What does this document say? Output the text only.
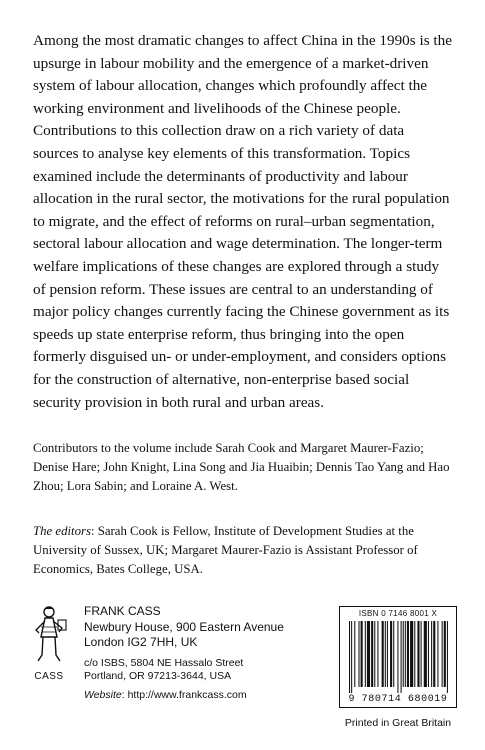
Among the most dramatic changes to affect China in the 1990s is the upsurge in labour mobility and the emergence of a market-driven system of labour allocation, changes which profoundly affect the working environment and livelihoods of the Chinese people. Contributions to this collection draw on a rich variety of data sources to analyse key elements of this transformation. Topics examined include the determinants of productivity and labour allocation in the rural sector, the motivations for the rural population to migrate, and the effect of reforms on rural–urban segmentation, sectoral labour allocation and wage determination. The longer-term welfare implications of these changes are explored through a study of pension reform. These issues are central to an understanding of major policy changes currently facing the Chinese government as its speeds up state enterprise reform, thus bringing into the open formerly disguised un- or under-employment, and considers options for the construction of alternative, non-enterprise based social security provision in both rural and urban areas.

Contributors to the volume include Sarah Cook and Margaret Maurer-Fazio; Denise Hare; John Knight, Lina Song and Jia Huaibin; Dennis Tao Yang and Hao Zhou; Lora Sabin; and Loraine A. West.

The editors: Sarah Cook is Fellow, Institute of Development Studies at the University of Sussex, UK; Margaret Maurer-Fazio is Assistant Professor of Economics, Bates College, USA.

CASS
FRANK CASS
Newbury House, 900 Eastern Avenue
London IG2 7HH, UK
c/o ISBS, 5804 NE Hassalo Street
Portland, OR 97213-3644, USA
Website: http://www.frankcass.com
ISBN 0 7146 8001 X
9 780714 680019
Printed in Great Britain
